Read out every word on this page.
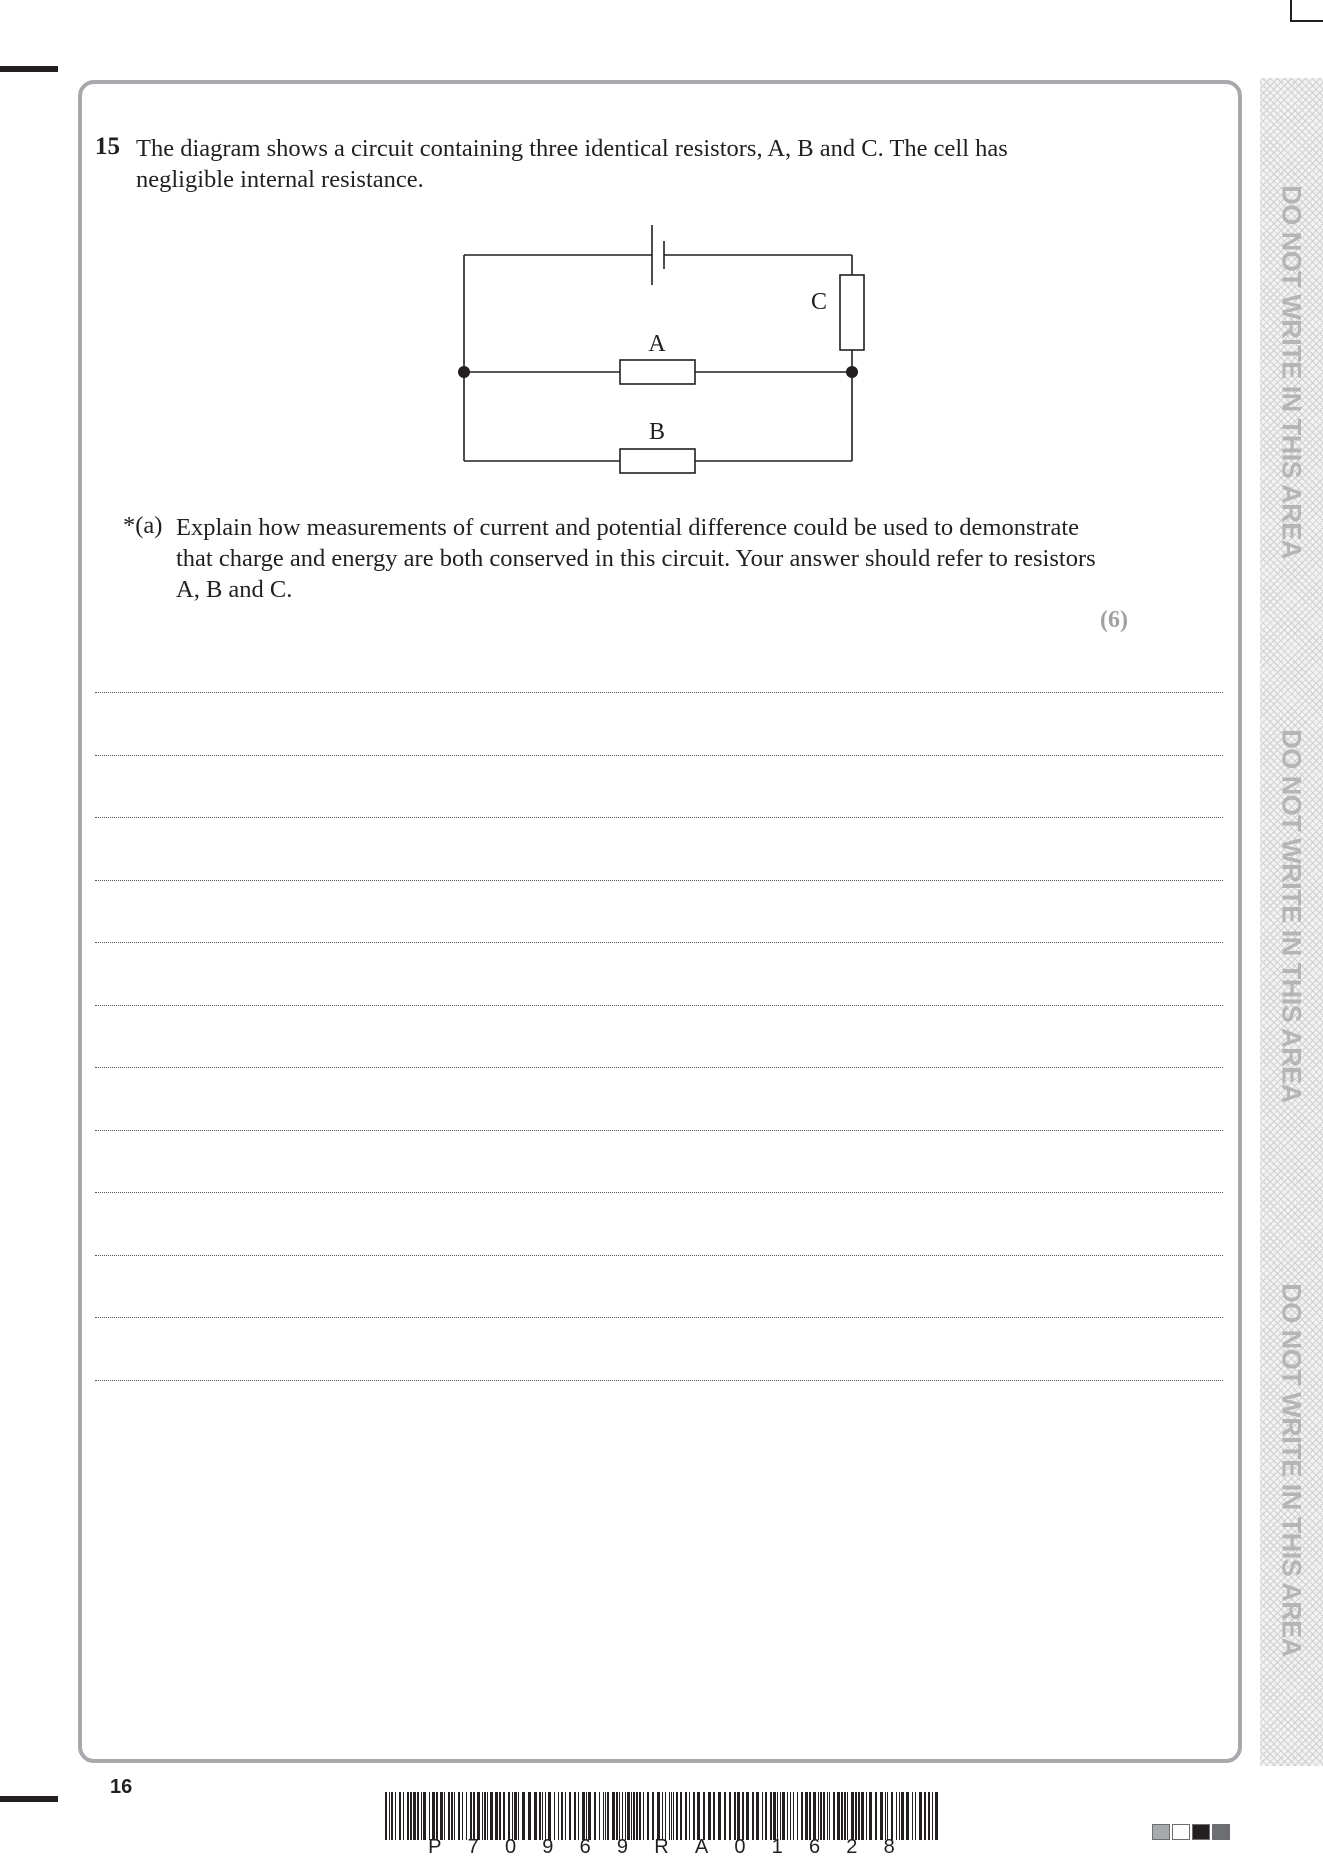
DO NOT WRITE IN THIS AREA
DO NOT WRITE IN THIS AREA
DO NOT WRITE IN THIS AREA
15 The diagram shows a circuit containing three identical resistors, A, B and C. The cell has negligible internal resistance.
A
B
C
*(a) Explain how measurements of current and potential difference could be used to demonstrate that charge and energy are both conserved in this circuit. Your answer should refer to resistors A, B and C.
(6)
16
P 7 0 9 6 9 R A 0 1 6 2 8
